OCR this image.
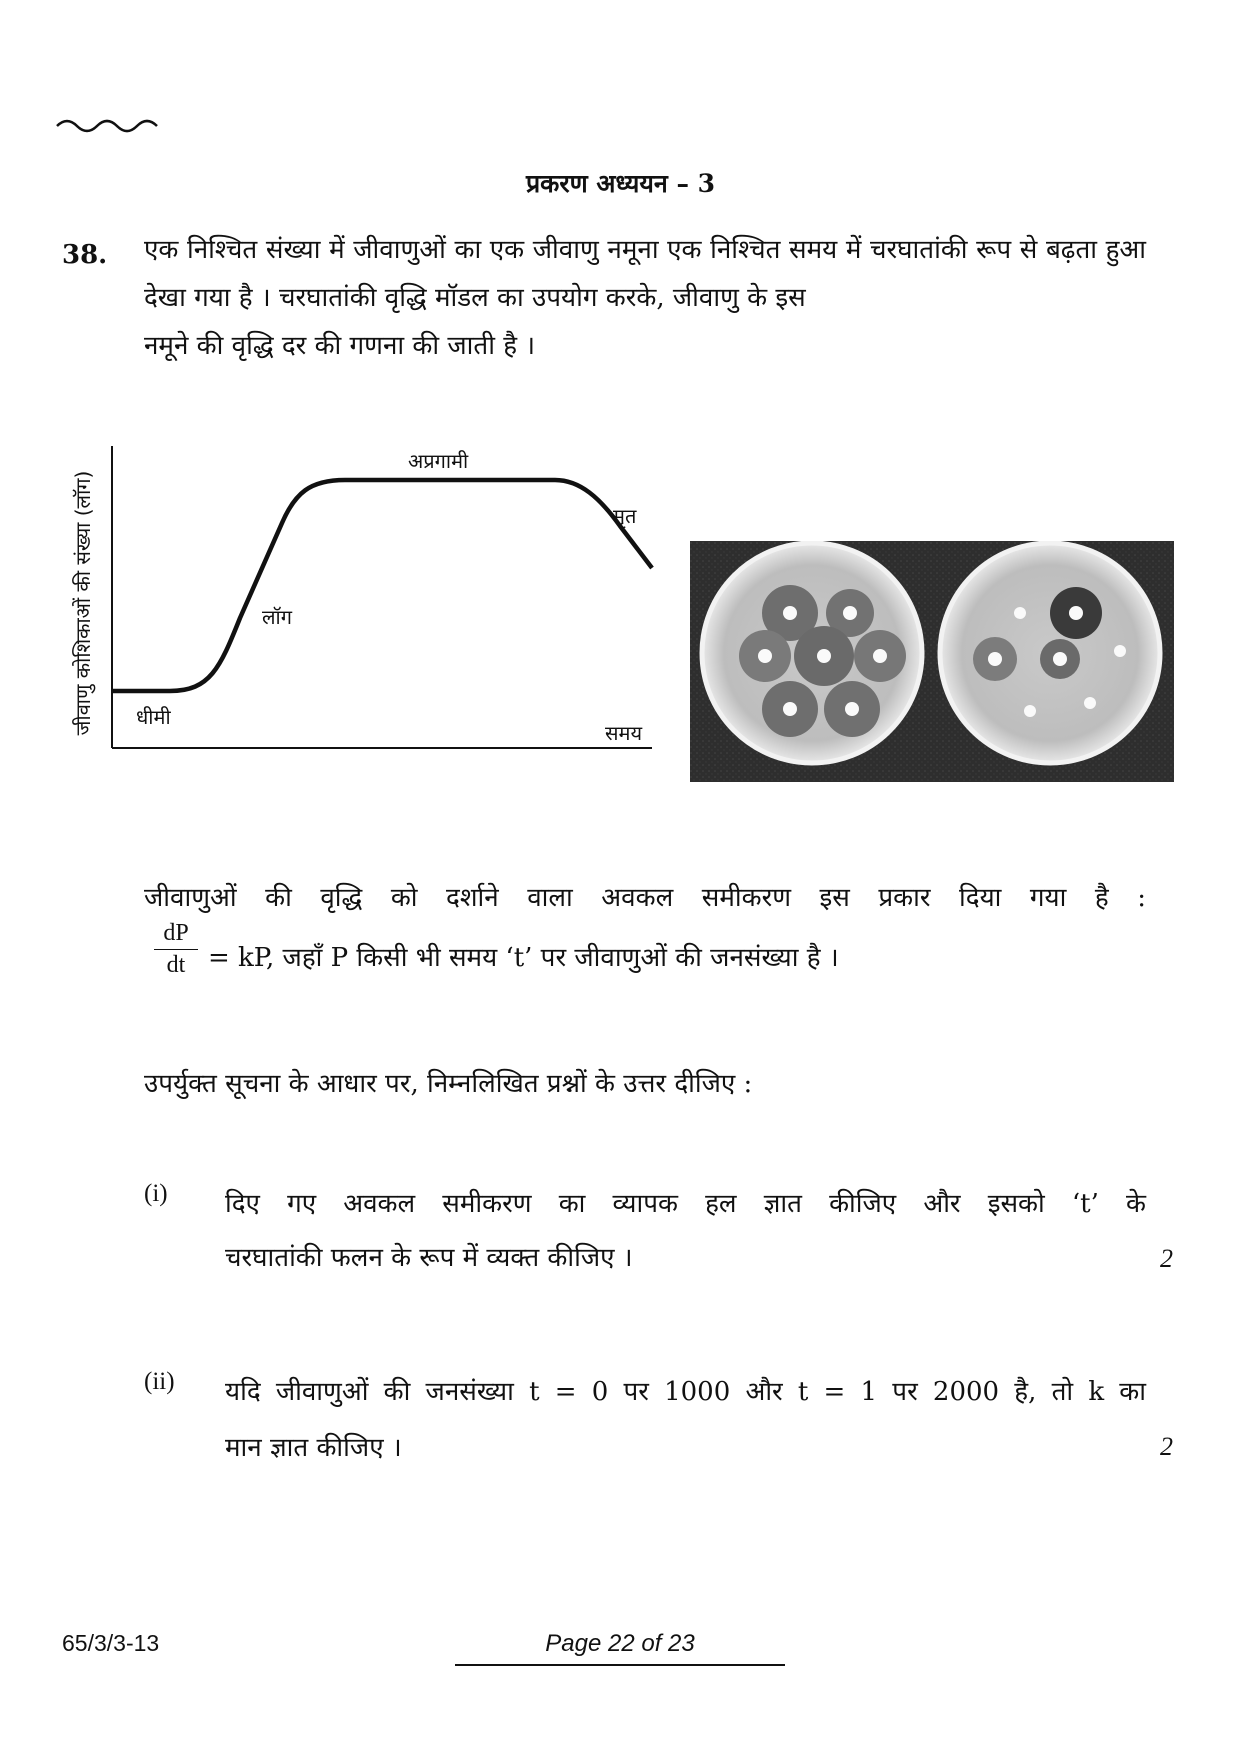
प्रकरण अध्ययन – 3
38. एक निश्चित संख्या में जीवाणुओं का एक जीवाणु नमूना एक निश्चित समय में चरघातांकी रूप से बढ़ता हुआ देखा गया है । चरघातांकी वृद्धि मॉडल का उपयोग करके, जीवाणु के इस
नमूने की वृद्धि दर की गणना की जाती है ।
जीवाणु कोशिकाओं की संख्या (लॉग) धीमी
लॉग
अप्रगामी
मृत
समय
जीवाणुओं की वृद्धि को दर्शाने वाला अवकल समीकरण इस प्रकार दिया गया है :
$\frac{dP}{dt}$ = kP, जहाँ P किसी भी समय ‘t’ पर जीवाणुओं की जनसंख्या है ।
उपर्युक्त सूचना के आधार पर, निम्नलिखित प्रश्नों के उत्तर दीजिए :
(i) दिए गए अवकल समीकरण का व्यापक हल ज्ञात कीजिए और इसको ‘t’ के
चरघातांकी फलन के रूप में व्यक्त कीजिए ।	2
(ii) यदि जीवाणुओं की जनसंख्या t = 0 पर 1000 और t = 1 पर 2000 है, तो k का
मान ज्ञात कीजिए ।	2
65/3/3-13	Page 22 of 23
